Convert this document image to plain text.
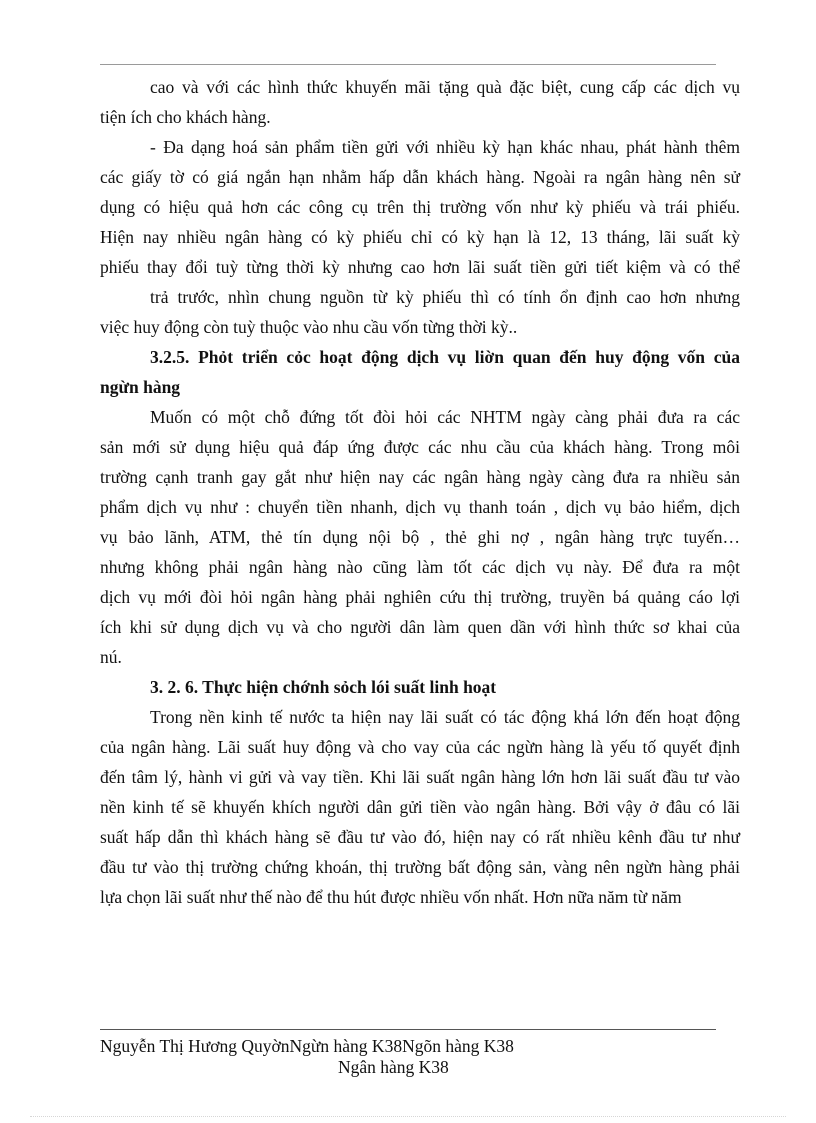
cao và với các hình thức khuyến mãi tặng quà đặc biệt, cung cấp các dịch vụ
tiện ích cho khách hàng.
- Đa dạng hoá sản phẩm tiền gửi với nhiều kỳ hạn khác nhau, phát hành thêm
các giấy tờ có giá ngắn hạn nhằm hấp dẫn khách hàng. Ngoài ra ngân hàng nên sử
dụng có hiệu quả hơn các công cụ trên thị trường vốn như kỳ phiếu và trái phiếu.
Hiện nay nhiều ngân hàng có kỳ phiếu chỉ có kỳ hạn là 12, 13 tháng, lãi suất kỳ
phiếu thay đổi tuỳ từng thời kỳ nhưng cao hơn lãi suất tiền gửi tiết kiệm và có thể
trả trước, nhìn chung nguồn từ kỳ phiếu thì có tính ổn định cao hơn nhưng
việc huy động còn tuỳ thuộc vào nhu cầu vốn từng thời kỳ..
3.2.5. Phỏt triển cỏc hoạt động dịch vụ liờn quan đến huy động vốn của
ngừn hàng
Muốn có một chỗ đứng tốt đòi hỏi các NHTM ngày càng phải đưa ra các
sản mới sử dụng hiệu quả đáp ứng được các nhu cầu của khách hàng. Trong môi
trường cạnh tranh gay gắt như hiện nay các ngân hàng ngày càng đưa ra nhiều sản
phẩm dịch vụ như : chuyển tiền nhanh, dịch vụ thanh toán , dịch vụ bảo hiểm, dịch
vụ bảo lãnh, ATM, thẻ tín dụng nội bộ , thẻ ghi nợ , ngân hàng trực tuyến…
nhưng không phải ngân hàng nào cũng làm tốt các dịch vụ này. Để đưa ra một
dịch vụ mới đòi hỏi ngân hàng phải nghiên cứu thị trường, truyền bá quảng cáo lợi
ích khi sử dụng dịch vụ và cho người dân làm quen dần với hình thức sơ khai của
nú.
3. 2. 6. Thực hiện chớnh sỏch lói suất linh hoạt
Trong nền kinh tế nước ta hiện nay lãi suất có tác động khá lớn đến hoạt động
của ngân hàng. Lãi suất huy động và cho vay của các ngừn hàng là yếu tố quyết định
đến tâm lý, hành vi gửi và vay tiền. Khi lãi suất ngân hàng lớn hơn lãi suất đầu tư vào
nền kinh tế sẽ khuyến khích người dân gửi tiền vào ngân hàng. Bởi vậy ở đâu có lãi
suất hấp dẫn thì khách hàng sẽ đầu tư vào đó, hiện nay có rất nhiều kênh đầu tư như
đầu tư vào thị trường chứng khoán, thị trường bất động sản, vàng nên ngừn hàng phải
lựa chọn lãi suất như thế nào để thu hút được nhiều vốn nhất. Hơn nữa năm từ năm
Nguyễn Thị Hương QuyờnNgừn hàng K38Ngõn hàng K38
Ngân hàng K38
